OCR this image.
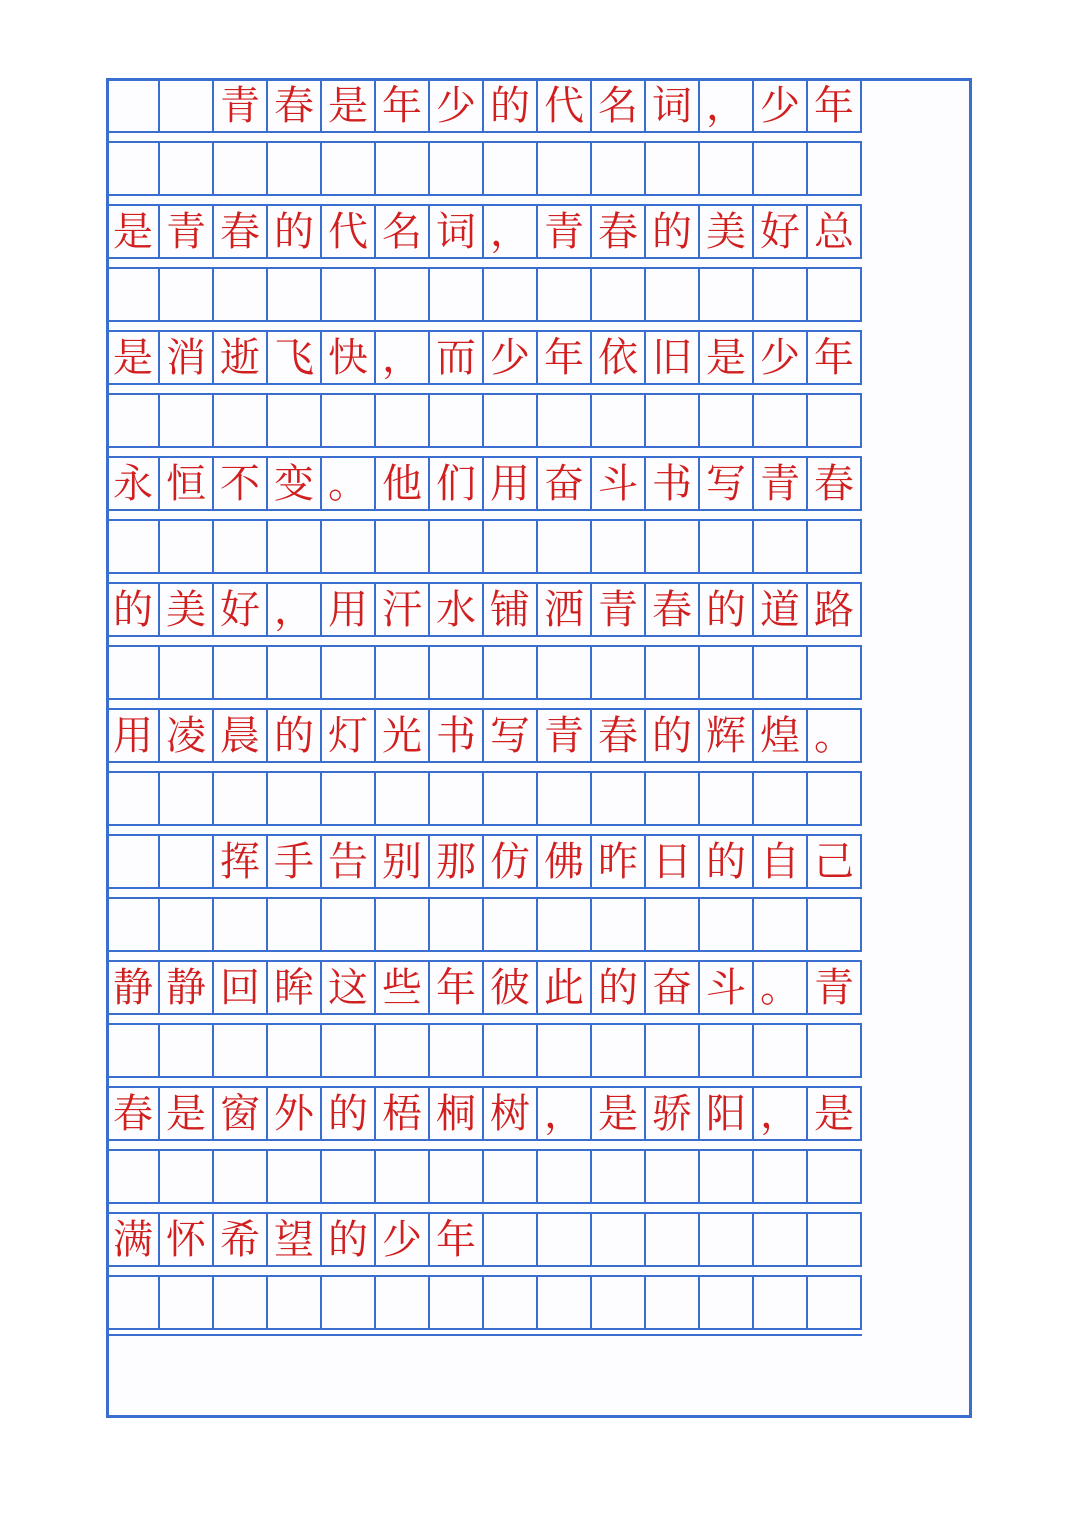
青 春 是 年 少 的 代 名 词 ， 少 年
是 青 春 的 代 名 词 ， 青 春 的 美 好 总
是 消 逝 飞 快 ， 而 少 年 依 旧 是 少 年
永 恒 不 变 。 他 们 用 奋 斗 书 写 青 春
的 美 好 ， 用 汗 水 铺 洒 青 春 的 道 路
用 凌 晨 的 灯 光 书 写 青 春 的 辉 煌 。
挥 手 告 别 那 仿 佛 昨 日 的 自 己
静 静 回 眸 这 些 年 彼 此 的 奋 斗 。 青
春 是 窗 外 的 梧 桐 树 ， 是 骄 阳 ， 是
满 怀 希 望 的 少 年
